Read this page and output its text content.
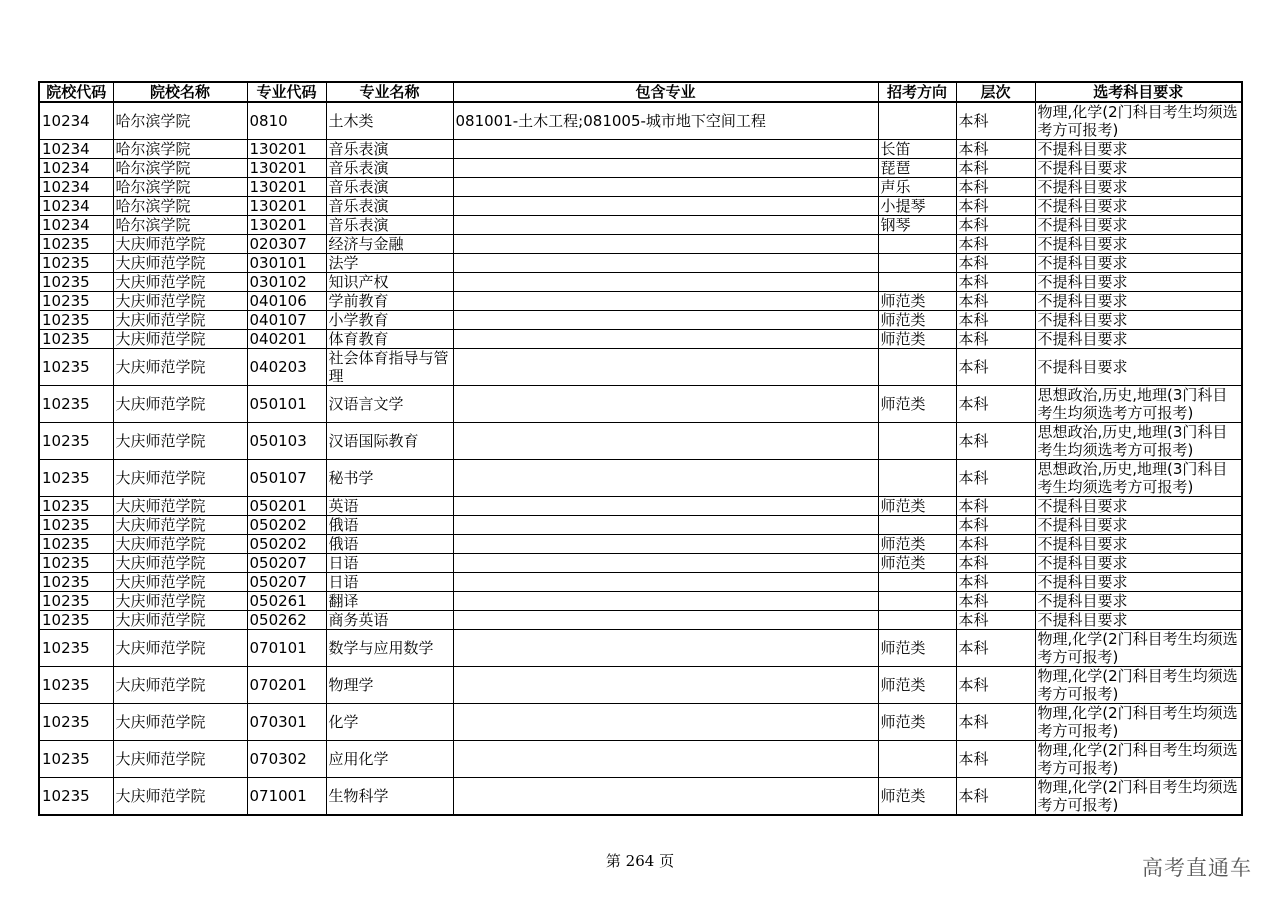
院校代码	院校名称	专业代码	专业名称	包含专业	招考方向	层次	选考科目要求
10234	哈尔滨学院	0810	土木类	081001-土木工程;081005-城市地下空间工程		本科	物理,化学(2门科目考生均须选考方可报考)
10234	哈尔滨学院	130201	音乐表演		长笛	本科	不提科目要求
10234	哈尔滨学院	130201	音乐表演		琵琶	本科	不提科目要求
10234	哈尔滨学院	130201	音乐表演		声乐	本科	不提科目要求
10234	哈尔滨学院	130201	音乐表演		小提琴	本科	不提科目要求
10234	哈尔滨学院	130201	音乐表演		钢琴	本科	不提科目要求
10235	大庆师范学院	020307	经济与金融			本科	不提科目要求
10235	大庆师范学院	030101	法学			本科	不提科目要求
10235	大庆师范学院	030102	知识产权			本科	不提科目要求
10235	大庆师范学院	040106	学前教育		师范类	本科	不提科目要求
10235	大庆师范学院	040107	小学教育		师范类	本科	不提科目要求
10235	大庆师范学院	040201	体育教育		师范类	本科	不提科目要求
10235	大庆师范学院	040203	社会体育指导与管理			本科	不提科目要求
10235	大庆师范学院	050101	汉语言文学		师范类	本科	思想政治,历史,地理(3门科目考生均须选考方可报考)
10235	大庆师范学院	050103	汉语国际教育			本科	思想政治,历史,地理(3门科目考生均须选考方可报考)
10235	大庆师范学院	050107	秘书学			本科	思想政治,历史,地理(3门科目考生均须选考方可报考)
10235	大庆师范学院	050201	英语		师范类	本科	不提科目要求
10235	大庆师范学院	050202	俄语			本科	不提科目要求
10235	大庆师范学院	050202	俄语		师范类	本科	不提科目要求
10235	大庆师范学院	050207	日语		师范类	本科	不提科目要求
10235	大庆师范学院	050207	日语			本科	不提科目要求
10235	大庆师范学院	050261	翻译			本科	不提科目要求
10235	大庆师范学院	050262	商务英语			本科	不提科目要求
10235	大庆师范学院	070101	数学与应用数学		师范类	本科	物理,化学(2门科目考生均须选考方可报考)
10235	大庆师范学院	070201	物理学		师范类	本科	物理,化学(2门科目考生均须选考方可报考)
10235	大庆师范学院	070301	化学		师范类	本科	物理,化学(2门科目考生均须选考方可报考)
10235	大庆师范学院	070302	应用化学			本科	物理,化学(2门科目考生均须选考方可报考)
10235	大庆师范学院	071001	生物科学		师范类	本科	物理,化学(2门科目考生均须选考方可报考)
第 264 页	高考直通车
